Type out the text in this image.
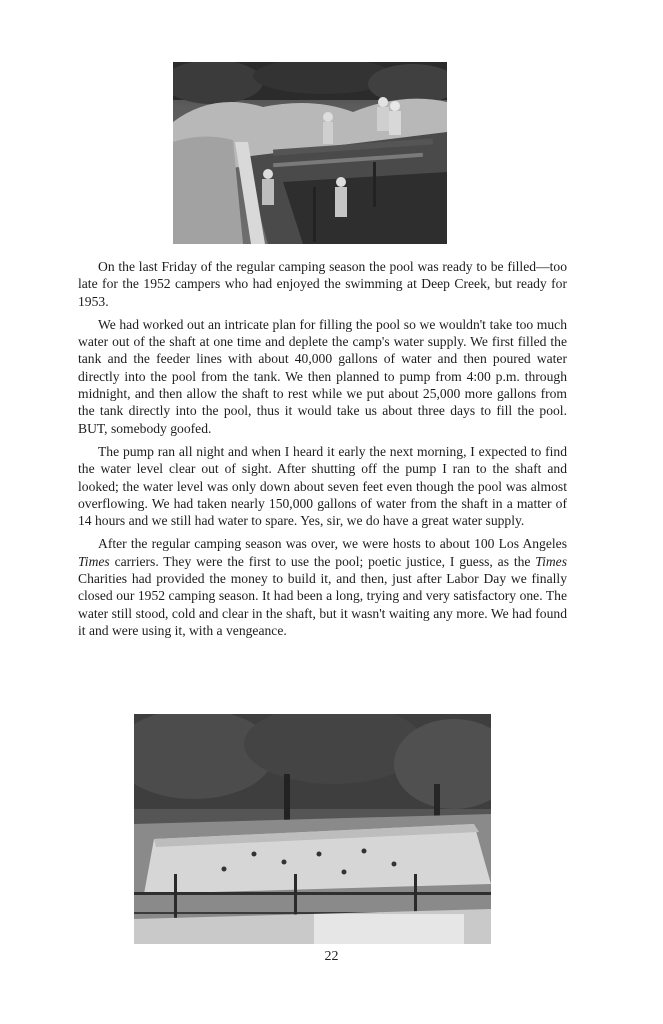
On the last Friday of the regular camping season the pool was ready to be filled—too late for the 1952 campers who had enjoyed the swimming at Deep Creek, but ready for 1953.

We had worked out an intricate plan for filling the pool so we wouldn't take too much water out of the shaft at one time and deplete the camp's water supply. We first filled the tank and the feeder lines with about 40,000 gallons of water and then poured water directly into the pool from the tank. We then planned to pump from 4:00 p.m. through midnight, and then allow the shaft to rest while we put about 25,000 more gallons from the tank directly into the pool, thus it would take us about three days to fill the pool. BUT, somebody goofed.

The pump ran all night and when I heard it early the next morning, I expected to find the water level clear out of sight. After shutting off the pump I ran to the shaft and looked; the water level was only down about seven feet even though the pool was almost overflowing. We had taken nearly 150,000 gallons of water from the shaft in a matter of 14 hours and we still had water to spare. Yes, sir, we do have a great water supply.

After the regular camping season was over, we were hosts to about 100 Los Angeles Times carriers. They were the first to use the pool; poetic justice, I guess, as the Times Charities had provided the money to build it, and then, just after Labor Day we finally closed our 1952 camping season. It had been a long, trying and very satisfactory one. The water still stood, cold and clear in the shaft, but it wasn't waiting any more. We had found it and were using it, with a vengeance.

22
